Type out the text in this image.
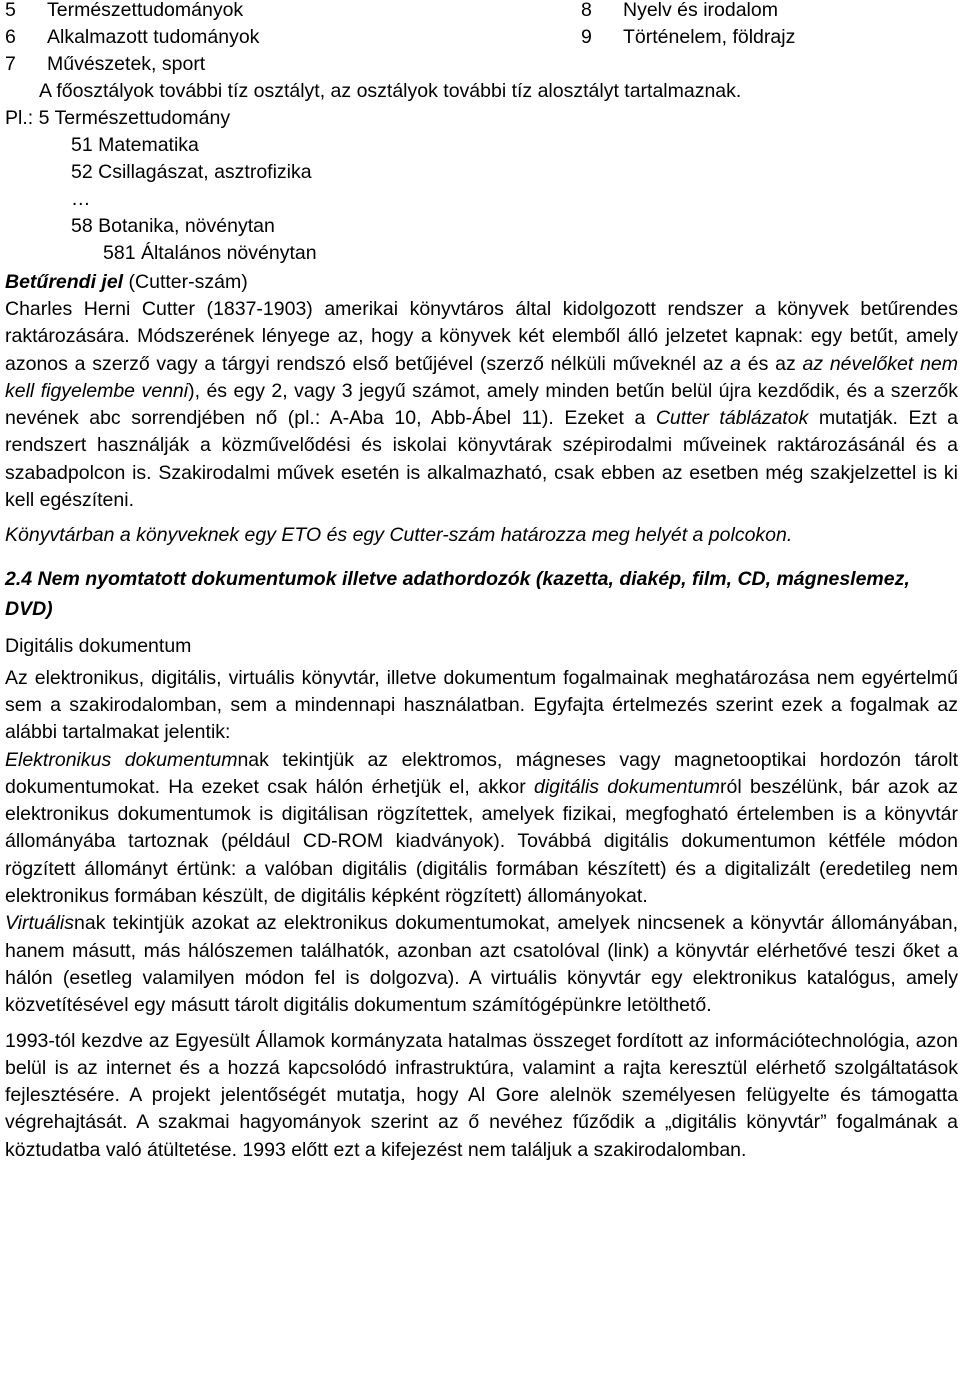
5 Természettudományok	8 Nyelv és irodalom
6 Alkalmazott tudományok	9 Történelem, földrajz
7 Művészetek, sport
A főosztályok további tíz osztályt, az osztályok további tíz alosztályt tartalmaznak.
Pl.: 5 Természettudomány
51 Matematika
52 Csillagászat, asztrofizika
…
58 Botanika, növénytan
581 Általános növénytan
Betűrendi jel (Cutter-szám)

Charles Herni Cutter (1837-1903) amerikai könyvtáros által kidolgozott rendszer a könyvek betűrendes raktározására. Módszerének lényege az, hogy a könyvek két elemből álló jelzetet kapnak: egy betűt, amely azonos a szerző vagy a tárgyi rendszó első betűjével (szerző nélküli műveknél az a és az az névelőket nem kell figyelembe venni), és egy 2, vagy 3 jegyű számot, amely minden betűn belül újra kezdődik, és a szerzők nevének abc sorrendjében nő (pl.: A-Aba 10, Abb-Ábel 11). Ezeket a Cutter táblázatok mutatják. Ezt a rendszert használják a közművelődési és iskolai könyvtárak szépirodalmi műveinek raktározásánál és a szabadpolcon is. Szakirodalmi művek esetén is alkalmazható, csak ebben az esetben még szakjelzettel is ki kell egészíteni.

Könyvtárban a könyveknek egy ETO és egy Cutter-szám határozza meg helyét a polcokon.

2.4 Nem nyomtatott dokumentumok illetve adathordozók (kazetta, diakép, film, CD, mágneslemez, DVD)
Digitális dokumentum

Az elektronikus, digitális, virtuális könyvtár, illetve dokumentum fogalmainak meghatározása nem egyértelmű sem a szakirodalomban, sem a mindennapi használatban. Egyfajta értelmezés szerint ezek a fogalmak az alábbi tartalmakat jelentik:

Elektronikus dokumentumnak tekintjük az elektromos, mágneses vagy magnetooptikai hordozón tárolt dokumentumokat. Ha ezeket csak hálón érhetjük el, akkor digitális dokumentumról beszélünk, bár azok az elektronikus dokumentumok is digitálisan rögzítettek, amelyek fizikai, megfogható értelemben is a könyvtár állományába tartoznak (például CD-ROM kiadványok). Továbbá digitális dokumentumon kétféle módon rögzített állományt értünk: a valóban digitális (digitális formában készített) és a digitalizált (eredetileg nem elektronikus formában készült, de digitális képként rögzített) állományokat.

Virtuálisnak tekintjük azokat az elektronikus dokumentumokat, amelyek nincsenek a könyvtár állományában, hanem másutt, más hálószemen találhatók, azonban azt csatolóval (link) a könyvtár elérhetővé teszi őket a hálón (esetleg valamilyen módon fel is dolgozva). A virtuális könyvtár egy elektronikus katalógus, amely közvetítésével egy másutt tárolt digitális dokumentum számítógépünkre letölthető.

1993-tól kezdve az Egyesült Államok kormányzata hatalmas összeget fordított az információtechnológia, azon belül is az internet és a hozzá kapcsolódó infrastruktúra, valamint a rajta keresztül elérhető szolgáltatások fejlesztésére. A projekt jelentőségét mutatja, hogy Al Gore alelnök személyesen felügyelte és támogatta végrehajtását. A szakmai hagyományok szerint az ő nevéhez fűződik a „digitális könyvtár” fogalmának a köztudatba való átültetése. 1993 előtt ezt a kifejezést nem találjuk a szakirodalomban.
